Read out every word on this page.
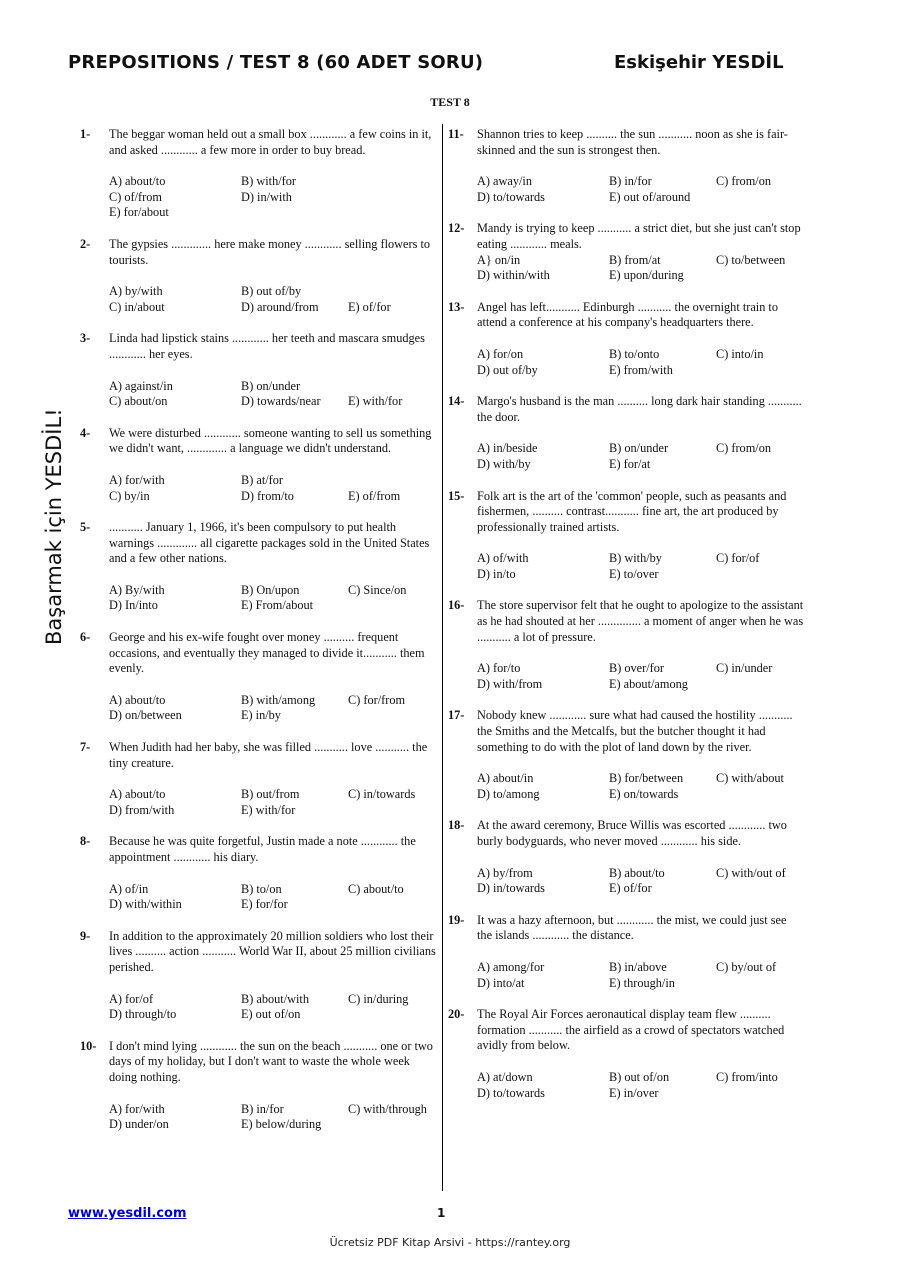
PREPOSITIONS / TEST 8 (60 ADET SORU)	Eskişehir YESDİL
TEST 8
Başarmak için YESDİL!
1-	The beggar woman held out a small box ............ a few coins in it, and asked ............ a few more in order to buy bread.

A) about/to	B) with/for
C) of/from	D) in/with
E) for/about
2-	The gypsies ............. here make money ............ selling flowers to tourists.

A) by/with	B) out of/by
C) in/about	D) around/from	E) of/for
3-	Linda had lipstick stains ............ her teeth and mascara smudges ............ her eyes.

A) against/in	B) on/under
C) about/on	D) towards/near	E) with/for
4-	We were disturbed ............ someone wanting to sell us something we didn't want, ............. a language we didn't understand.

A) for/with	B) at/for
C) by/in	D) from/to	E) of/from
5-	........... January 1, 1966, it's been compulsory to put health warnings ............. all cigarette packages sold in the United States and a few other nations.

A) By/with	B) On/upon	C) Since/on
D) In/into	E) From/about
6-	George and his ex-wife fought over money .......... frequent occasions, and eventually they managed to divide it........... them evenly.

A) about/to	B) with/among	C) for/from
D) on/between	E) in/by
7-	When Judith had her baby, she was filled ........... love ........... the tiny creature.

A) about/to	B) out/from	C) in/towards
D) from/with	E) with/for
8-	Because he was quite forgetful, Justin made a note ............ the appointment ............ his diary.

A) of/in	B) to/on	C) about/to
D) with/within	E) for/for
9-	In addition to the approximately 20 million soldiers who lost their lives .......... action ........... World War II, about 25 million civilians perished.

A) for/of	B) about/with	C) in/during
D) through/to	E) out of/on
10-	I don't mind lying ............ the sun on the beach ........... one or two days of my holiday, but I don't want to waste the whole week doing nothing.

A) for/with	B) in/for	C) with/through
D) under/on	E) below/during
11-	Shannon tries to keep .......... the sun ........... noon as she is fair-skinned and the sun is strongest then.

A) away/in	B) in/for	C) from/on
D) to/towards	E) out of/around
12-	Mandy is trying to keep ........... a strict diet, but she just can't stop eating ............ meals.

A} on/in	B) from/at	C) to/between
D) within/with	E) upon/during
13-	Angel has left........... Edinburgh ........... the overnight train to attend a conference at his company's headquarters there.

A) for/on	B) to/onto	C) into/in
D) out of/by	E) from/with
14-	Margo's husband is the man .......... long dark hair standing ........... the door.

A) in/beside	B) on/under	C) from/on
D) with/by	E) for/at
15-	Folk art is the art of the 'common' people, such as peasants and fishermen, .......... contrast........... fine art, the art produced by professionally trained artists.

A) of/with	B) with/by	C) for/of
D) in/to	E) to/over
16-	The store supervisor felt that he ought to apologize to the assistant as he had shouted at her .............. a moment of anger when he was ........... a lot of pressure.

A) for/to	B) over/for	C) in/under
D) with/from	E) about/among
17-	Nobody knew ............ sure what had caused the hostility ........... the Smiths and the Metcalfs, but the butcher thought it had something to do with the plot of land down by the river.

A) about/in	B) for/between	C) with/about
D) to/among	E) on/towards
18-	At the award ceremony, Bruce Willis was escorted ............ two burly bodyguards, who never moved ............ his side.

A) by/from	B) about/to	C) with/out of
D) in/towards	E) of/for
19-	It was a hazy afternoon, but ............ the mist, we could just see the islands ............ the distance.

A) among/for	B) in/above	C) by/out of
D) into/at	E) through/in
20-	The Royal Air Forces aeronautical display team flew .......... formation ........... the airfield as a crowd of spectators watched avidly from below.

A) at/down	B) out of/on	C) from/into
D) to/towards	E) in/over
www.yesdil.com	1
Ücretsiz PDF Kitap Arsivi - https://rantey.org
